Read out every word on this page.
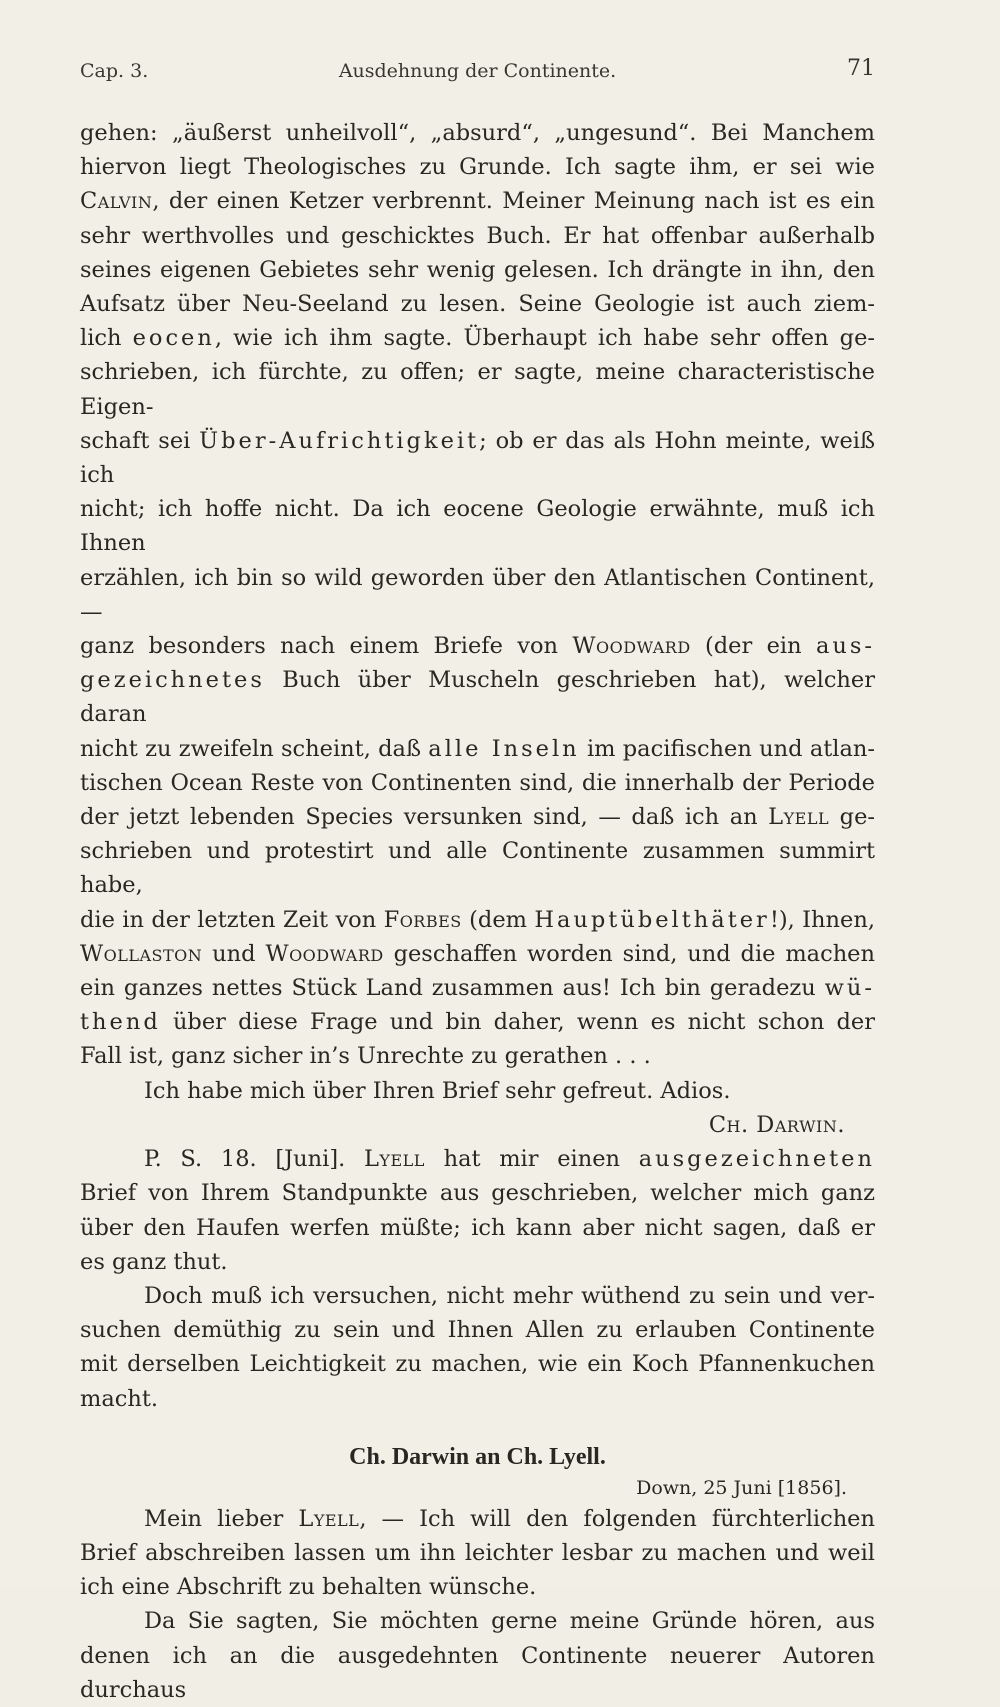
Cap. 3.	Ausdehnung der Continente.	71

gehen: „äußerst unheilvoll“, „absurd“, „ungesund“. Bei Manchem

hiervon liegt Theologisches zu Grunde. Ich sagte ihm, er sei wie

Calvin, der einen Ketzer verbrennt. Meiner Meinung nach ist es ein

sehr werthvolles und geschicktes Buch. Er hat offenbar außerhalb

seines eigenen Gebietes sehr wenig gelesen. Ich drängte in ihn, den

Aufsatz über Neu-Seeland zu lesen. Seine Geologie ist auch ziem-

lich eocen, wie ich ihm sagte. Überhaupt ich habe sehr offen ge-

schrieben, ich fürchte, zu offen; er sagte, meine characteristische Eigen-

schaft sei Über-Aufrichtigkeit; ob er das als Hohn meinte, weiß ich

nicht; ich hoffe nicht. Da ich eocene Geologie erwähnte, muß ich Ihnen

erzählen, ich bin so wild geworden über den Atlantischen Continent, —

ganz besonders nach einem Briefe von Woodward (der ein aus-

gezeichnetes Buch über Muscheln geschrieben hat), welcher daran

nicht zu zweifeln scheint, daß alle Inseln im pacifischen und atlan-

tischen Ocean Reste von Continenten sind, die innerhalb der Periode

der jetzt lebenden Species versunken sind, — daß ich an Lyell ge-

schrieben und protestirt und alle Continente zusammen summirt habe,

die in der letzten Zeit von Forbes (dem Hauptübelthäter!), Ihnen,

Wollaston und Woodward geschaffen worden sind, und die machen

ein ganzes nettes Stück Land zusammen aus! Ich bin geradezu wü-

thend über diese Frage und bin daher, wenn es nicht schon der

Fall ist, ganz sicher in’s Unrechte zu gerathen . . .

Ich habe mich über Ihren Brief sehr gefreut. Adios.

Ch. Darwin.

P. S. 18. [Juni]. Lyell hat mir einen ausgezeichneten

Brief von Ihrem Standpunkte aus geschrieben, welcher mich ganz

über den Haufen werfen müßte; ich kann aber nicht sagen, daß er

es ganz thut.

Doch muß ich versuchen, nicht mehr wüthend zu sein und ver-

suchen demüthig zu sein und Ihnen Allen zu erlauben Continente

mit derselben Leichtigkeit zu machen, wie ein Koch Pfannenkuchen

macht.

Ch. Darwin an Ch. Lyell.
Down, 25 Juni [1856].

Mein lieber Lyell, — Ich will den folgenden fürchterlichen

Brief abschreiben lassen um ihn leichter lesbar zu machen und weil

ich eine Abschrift zu behalten wünsche.

Da Sie sagten, Sie möchten gerne meine Gründe hören, aus

denen ich an die ausgedehnten Continente neuerer Autoren durchaus
